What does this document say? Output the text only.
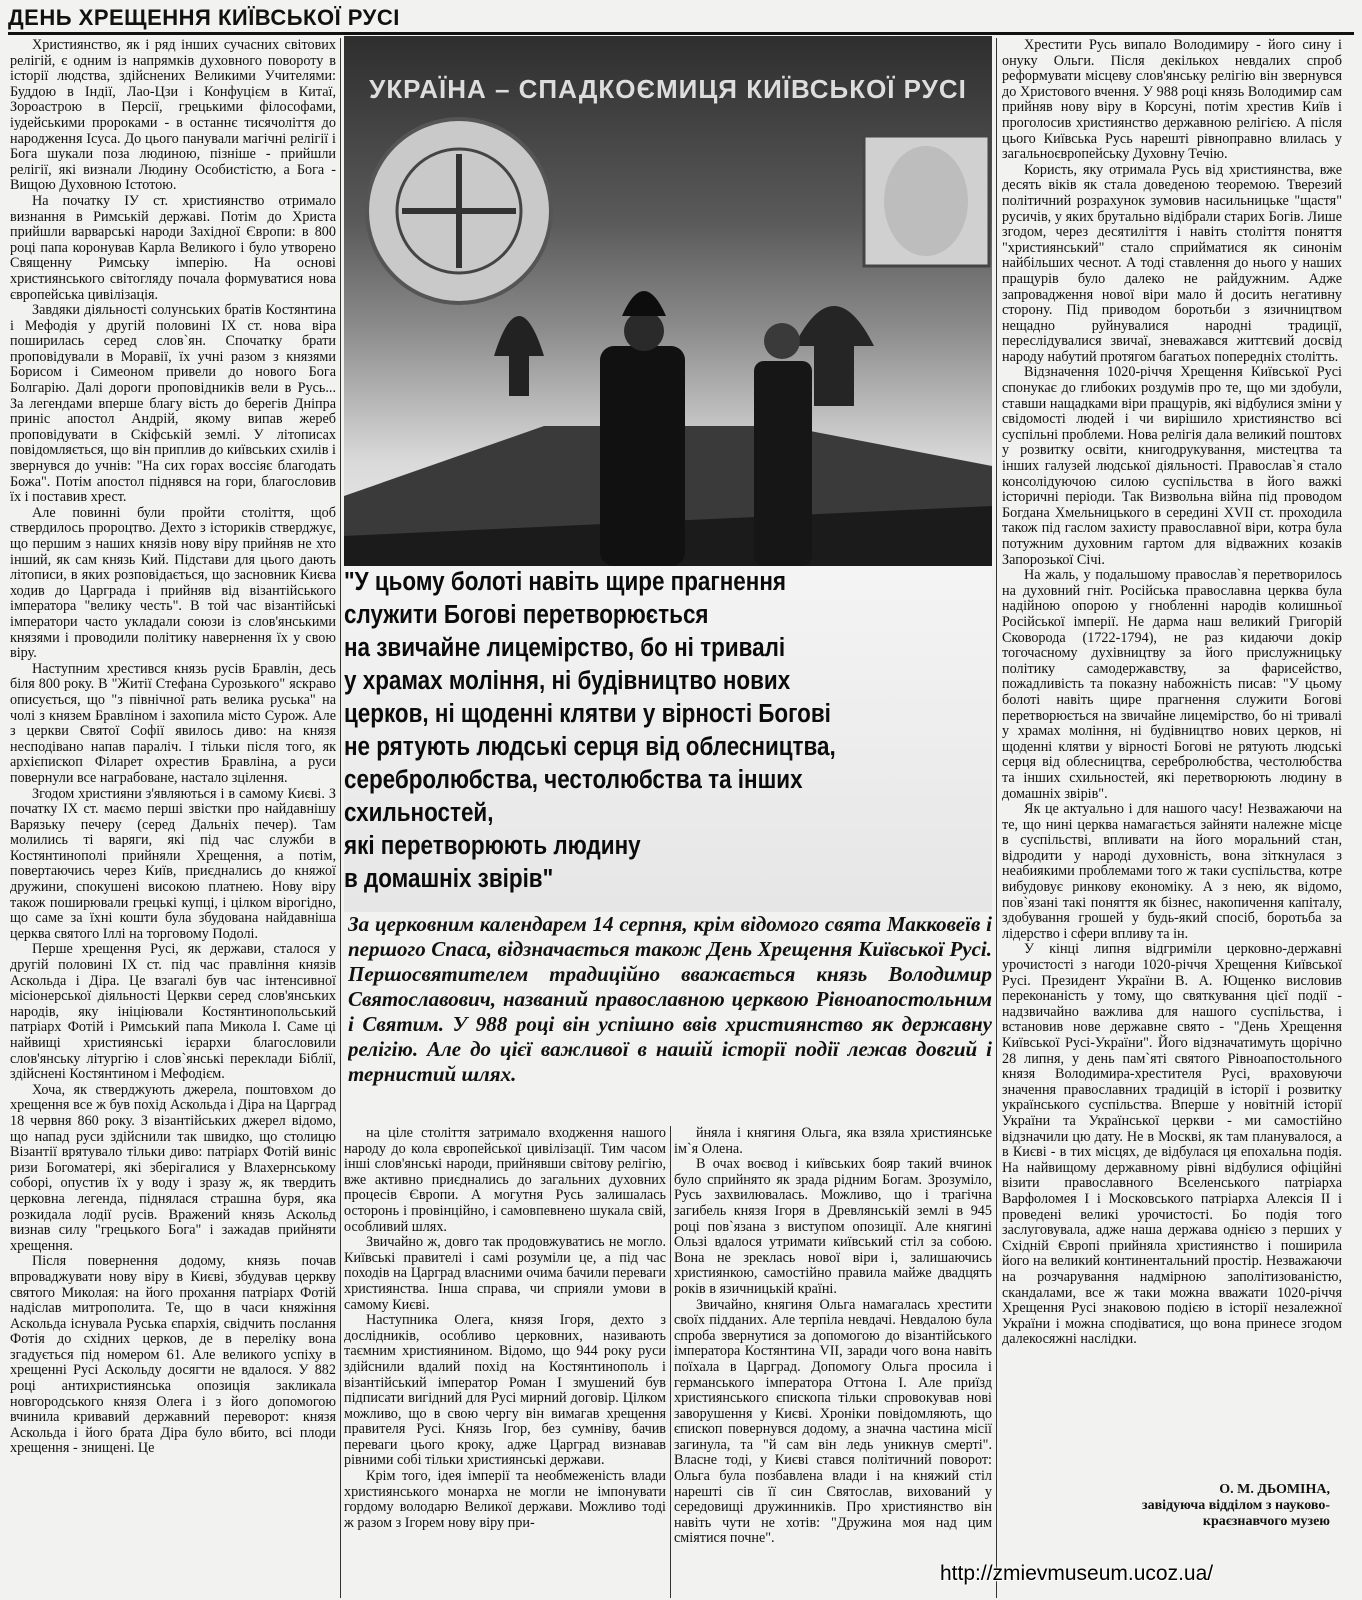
ДЕНЬ ХРЕЩЕННЯ КИЇВСЬКОЇ РУСІ

Християнство, як і ряд інших сучасних світових релігій, є одним із напрямків духовного повороту в історії людства, здійснених Великими Учителями: Буддою в Індії, Лао-Цзи і Конфуцієм в Китаї, Зороастрою в Персії, грецькими філософами, іудейськими пророками - в останнє тисячоліття до народження Ісуса. До цього панували магічні релігії і Бога шукали поза людиною, пізніше - прийшли релігії, які визнали Людину Особистістю, а Бога - Вищою Духовною Істотою.

На початку ІУ ст. християнство отримало визнання в Римській державі. Потім до Христа прийшли варварські народи Західної Європи: в 800 році папа коронував Карла Великого і було утворено Священну Римську імперію. На основі християнського світогляду почала формуватися нова європейська цивілізація.

Завдяки діяльності солунських братів Костянтина і Мефодія у другій половині ІХ ст. нова віра поширилась серед слов`ян. Спочатку брати проповідували в Моравії, їх учні разом з князями Борисом і Симеоном привели до нового Бога Болгарію. Далі дороги проповідників вели в Русь... За легендами вперше благу вість до берегів Дніпра приніс апостол Андрій, якому випав жереб проповідувати в Скіфській землі. У літописах повідомляється, що він приплив до київських схилів і звернувся до учнів: "На сих горах воссіяє благодать Божа". Потім апостол піднявся на гори, благословив їх і поставив хрест.

Але повинні були пройти століття, щоб ствердилось пророцтво. Дехто з істориків стверджує, що першим з наших князів нову віру прийняв не хто інший, як сам князь Кий. Підстави для цього дають літописи, в яких розповідається, що засновник Києва ходив до Царграда і прийняв від візантійського імператора "велику честь". В той час візантійські імператори часто укладали союзи із слов'янськими князями і проводили політику навернення їх у свою віру.

Наступним хрестився князь русів Бравлін, десь біля 800 року. В "Житії Стефана Сурозького" яскраво описується, що "з північної рать велика руська" на чолі з князем Бравліном і захопила місто Сурож. Але з церкви Святої Софії явилось диво: на князя несподівано напав параліч. І тільки після того, як архієпископ Філарет охрестив Бравліна, а руси повернули все награбоване, настало зцілення.

Згодом християни з'являються і в самому Києві. З початку ІХ ст. маємо перші звістки про найдавнішу Варязьку печеру (серед Дальніх печер). Там молились ті варяги, які під час служби в Костянтинополі прийняли Хрещення, а потім, повертаючись через Київ, приєднались до княжої дружини, спокушені високою платнею. Нову віру також поширювали грецькі купці, і цілком вірогідно, що саме за їхні кошти була збудована найдавніша церква святого Іллі на торговому Подолі.

Перше хрещення Русі, як держави, сталося у другій половині ІХ ст. під час правління князів Аскольда і Діра. Це взагалі був час інтенсивної місіонерської діяльності Церкви серед слов'янських народів, яку ініціювали Костянтинопольський патріарх Фотій і Римський папа Микола І. Саме ці найвищі християнські ієрархи благословили слов'янську літургію і слов`янські переклади Біблії, здійснені Костянтином і Мефодієм.

Хоча, як стверджують джерела, поштовхом до хрещення все ж був похід Аскольда і Діра на Царград 18 червня 860 року. З візантійських джерел відомо, що напад руси здійснили так швидко, що столицю Візантії врятувало тільки диво: патріарх Фотій виніс ризи Богоматері, які зберігалися у Влахернському соборі, опустив їх у воду і зразу ж, як твердить церковна легенда, піднялася страшна буря, яка розкидала лодії русів. Вражений князь Аскольд визнав силу "грецького Бога" і зажадав прийняти хрещення.

Після повернення додому, князь почав впроваджувати нову віру в Києві, збудував церкву святого Миколая: на його прохання патріарх Фотій надіслав митрополита. Те, що в часи княжіння Аскольда існувала Руська єпархія, свідчить послання Фотія до східних церков, де в переліку вона згадується під номером 61. Але великого успіху в хрещенні Русі Аскольду досягти не вдалося. У 882 році антихристиянська опозиція закликала новгородського князя Олега і з його допомогою вчинила кривавий державний переворот: князя Аскольда і його брата Діра було вбито, всі плоди хрещення - знищені. Це

УКРАЇНА – СПАДКОЄМИЦЯ КИЇВСЬКОЇ РУСІ

"У цьому болоті навіть щире прагнення
служити Богові перетворюється
на звичайне лицемірство, бо ні тривалі
у храмах моління, ні будівництво нових
церков, ні щоденні клятви у вірності Богові
не рятують людські серця від облесництва,
серебролюбства, честолюбства та інших
схильностей,
які перетворюють людину
в домашніх звірів"

За церковним календарем 14 серпня, крім відомого свята Макковеїв і першого Спаса, відзначається також День Хрещення Київської Русі. Першосвятителем традиційно вважається князь Володимир Святославович, названий православною церквою Рівноапостольним і Святим. У 988 році він успішно ввів християнство як державну релігію. Але до цієї важливої в нашій історії події лежав довгий і тернистий шлях.

на ціле століття затримало входження нашого народу до кола європейської цивілізації. Тим часом інші слов'янські народи, прийнявши світову релігію, вже активно приєднались до загальних духовних процесів Європи. А могутня Русь залишалась осторонь і провінційно, і самовпевнено шукала свій, особливий шлях.

Звичайно ж, довго так продовжуватись не могло. Київські правителі і самі розуміли це, а під час походів на Царград власними очима бачили переваги християнства. Інша справа, чи сприяли умови в самому Києві.

Наступника Олега, князя Ігоря, дехто з дослідників, особливо церковних, називають таємним християнином. Відомо, що 944 року руси здійснили вдалий похід на Костянтинополь і візантійський імператор Роман І змушений був підписати вигідний для Русі мирний договір. Цілком можливо, що в свою чергу він вимагав хрещення правителя Русі. Князь Ігор, без сумніву, бачив переваги цього кроку, адже Царград визнавав рівними собі тільки християнські держави.

Крім того, ідея імперії та необмеженість влади християнського монарха не могли не імпонувати гордому володарю Великої держави. Можливо тоді ж разом з Ігорем нову віру при-

йняла і княгиня Ольга, яка взяла християнське ім`я Олена.

В очах воєвод і київських бояр такий вчинок було сприйнято як зрада рідним Богам. Зрозуміло, Русь захвилювалась. Можливо, що і трагічна загибель князя Ігоря в Древлянській землі в 945 році пов`язана з виступом опозиції. Але княгині Ользі вдалося утримати київський стіл за собою. Вона не зреклась нової віри і, залишаючись християнкою, самостійно правила майже двадцять років в язичницькій країні.

Звичайно, княгиня Ольга намагалась хрестити своїх підданих. Але терпіла невдачі. Невдалою була спроба звернутися за допомогою до візантійського імператора Костянтина VII, заради чого вона навіть поїхала в Царград. Допомогу Ольга просила і германського імператора Оттона І. Але приїзд християнського єпископа тільки спровокував нові заворушення у Києві. Хроніки повідомляють, що єпископ повернувся додому, а значна частина місії загинула, та "й сам він ледь уникнув смерті". Власне тоді, у Києві стався політичний поворот: Ольга була позбавлена влади і на княжий стіл нарешті сів її син Святослав, вихований у середовищі дружинників. Про християнство він навіть чути не хотів: "Дружина моя над цим сміятися почне".

Хрестити Русь випало Володимиру - його сину і онуку Ольги. Після декількох невдалих спроб реформувати місцеву слов'янську релігію він звернувся до Христового вчення. У 988 році князь Володимир сам прийняв нову віру в Корсуні, потім хрестив Київ і проголосив християнство державною релігією. А після цього Київська Русь нарешті рівноправно влилась у загальноєвропейську Духовну Течію.

Користь, яку отримала Русь від християнства, вже десять віків як стала доведеною теоремою. Тверезий політичний розрахунок зумовив насильницьке "щастя" русичів, у яких брутально відібрали старих Богів. Лише згодом, через десятиліття і навіть століття поняття "християнський" стало сприйматися як синонім найбільших чеснот. А тоді ставлення до нього у наших пращурів було далеко не райдужним. Адже запровадження нової віри мало й досить негативну сторону. Під приводом боротьби з язичництвом нещадно руйнувалися народні традиції, переслідувалися звичаї, зневажався життєвий досвід народу набутий протягом багатьох попередніх столітть.

Відзначення 1020-річчя Хрещення Київської Русі спонукає до глибоких роздумів про те, що ми здобули, ставши нащадками віри пращурів, які відбулися зміни у свідомості людей і чи вирішило християнство всі суспільні проблеми. Нова релігія дала великий поштовх у розвитку освіти, книгодрукування, мистецтва та інших галузей людської діяльності. Православ`я стало консолідуючою силою суспільства в його важкі історичні періоди. Так Визвольна війна під проводом Богдана Хмельницького в середині XVII ст. проходила також під гаслом захисту православної віри, котра була потужним духовним гартом для відважних козаків Запорозької Січі.

На жаль, у подальшому православ`я перетворилось на духовний гніт. Російська православна церква була надійною опорою у гнобленні народів колишньої Російської імперії. Не дарма наш великий Григорій Сковорода (1722-1794), не раз кидаючи докір тогочасному духівництву за його прислужницьку політику самодержавству, за фарисейство, пожадливість та показну набожність писав: "У цьому болоті навіть щире прагнення служити Богові перетворюється на звичайне лицемірство, бо ні тривалі у храмах моління, ні будівництво нових церков, ні щоденні клятви у вірності Богові не рятують людські серця від облесництва, серебролюбства, честолюбства та інших схильностей, які перетворюють людину в домашніх звірів".

Як це актуально і для нашого часу! Незважаючи на те, що нині церква намагається зайняти належне місце в суспільстві, впливати на його моральний стан, відродити у народі духовність, вона зіткнулася з неабиякими проблемами того ж таки суспільства, котре вибудовує ринкову економіку. А з нею, як відомо, пов`язані такі поняття як бізнес, накопичення капіталу, здобування грошей у будь-який спосіб, боротьба за лідерство і сфери впливу та ін.

У кінці липня відгриміли церковно-державні урочистості з нагоди 1020-річчя Хрещення Київської Русі. Президент України В. А. Ющенко висловив переконаність у тому, що святкування цієї події - надзвичайно важлива для нашого суспільства, і встановив нове державне свято - "День Хрещення Київської Русі-України". Його відзначатимуть щорічно 28 липня, у день пам`яті святого Рівноапостольного князя Володимира-хрестителя Русі, враховуючи значення православних традицій в історії і розвитку українського суспільства. Вперше у новітній історії України та Української церкви - ми самостійно відзначили цю дату. Не в Москві, як там планувалося, а в Києві - в тих місцях, де відбулася ця епохальна подія. На найвищому державному рівні відбулися офіційні візити православного Вселенського патріарха Варфоломея І і Московського патріарха Алексія ІІ і проведені великі урочистості. Бо подія того заслуговувала, адже наша держава однією з перших у Східній Європі прийняла християнство і поширила його на великий континентальний простір. Незважаючи на розчарування надмірною заполітизованістю, скандалами, все ж таки можна вважати 1020-річчя Хрещення Русі знаковою подією в історії незалежної України і можна сподіватися, що вона принесе згодом далекосяжні наслідки.

О. М. ДЬОМІНА,
завідуюча відділом з науково-
краєзнавчого музею
http://zmievmuseum.ucoz.ua/
